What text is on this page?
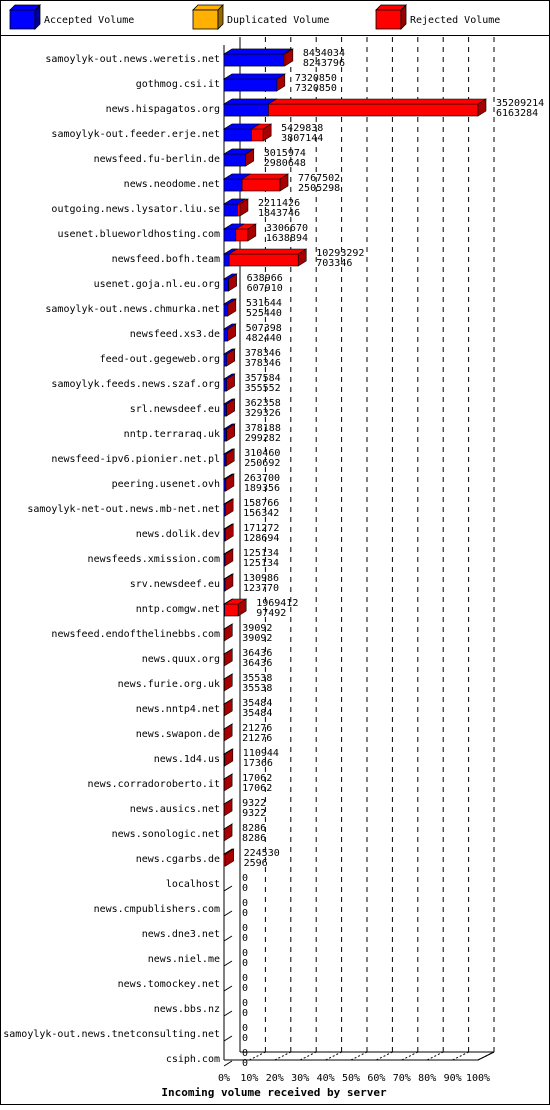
Accepted Volume	Duplicated Volume	Rejected Volume
samoylyk-out.news.weretis.net
gothmog.csi.it
news.hispagatos.org
samoylyk-out.feeder.erje.net
newsfeed.fu-berlin.de
news.neodome.net
outgoing.news.lysator.liu.se
usenet.blueworldhosting.com
newsfeed.bofh.team
usenet.goja.nl.eu.org
samoylyk-out.news.chmurka.net
newsfeed.xs3.de
feed-out.gegeweb.org
samoylyk.feeds.news.szaf.org
srl.newsdeef.eu
nntp.terraraq.uk
newsfeed-ipv6.pionier.net.pl
peering.usenet.ovh
samoylyk-net-out.news.mb-net.net
news.dolik.dev
newsfeeds.xmission.com
srv.newsdeef.eu
nntp.comgw.net
newsfeed.endofthelinebbs.com
news.quux.org
news.furie.org.uk
news.nntp4.net
news.swapon.de
news.1d4.us
news.corradoroberto.it
news.ausics.net
news.sonologic.net
news.cgarbs.de
localhost
news.cmpublishers.com
news.dne3.net
news.niel.me
news.tomockey.net
news.bbs.nz
samoylyk-out.news.tnetconsulting.net
csiph.com
8434034
8243796
7320850
7320850
35209214
6163284
5429838
3807144
3015974
2980648
7767502
2505298
2211426
1843746
3306670
1638894
10293292
703346
638966
607910
531644
525440
507398
482440
378346
378346
357584
355552
362358
329326
378188
299282
310460
250692
263700
189356
158766
156342
171272
128694
125134
125134
130986
123770
1969412
97492
39092
39092
36436
36436
35538
35538
35484
35484
21276
21276
110944
17366
17062
17062
9322
9322
8286
8286
224530
2596
0
0
0
0
0
0
0
0
0
0
0
0
0
0
0
0
0% 10% 20% 30% 40% 50% 60% 70% 80% 90% 100%
Incoming volume received by server
